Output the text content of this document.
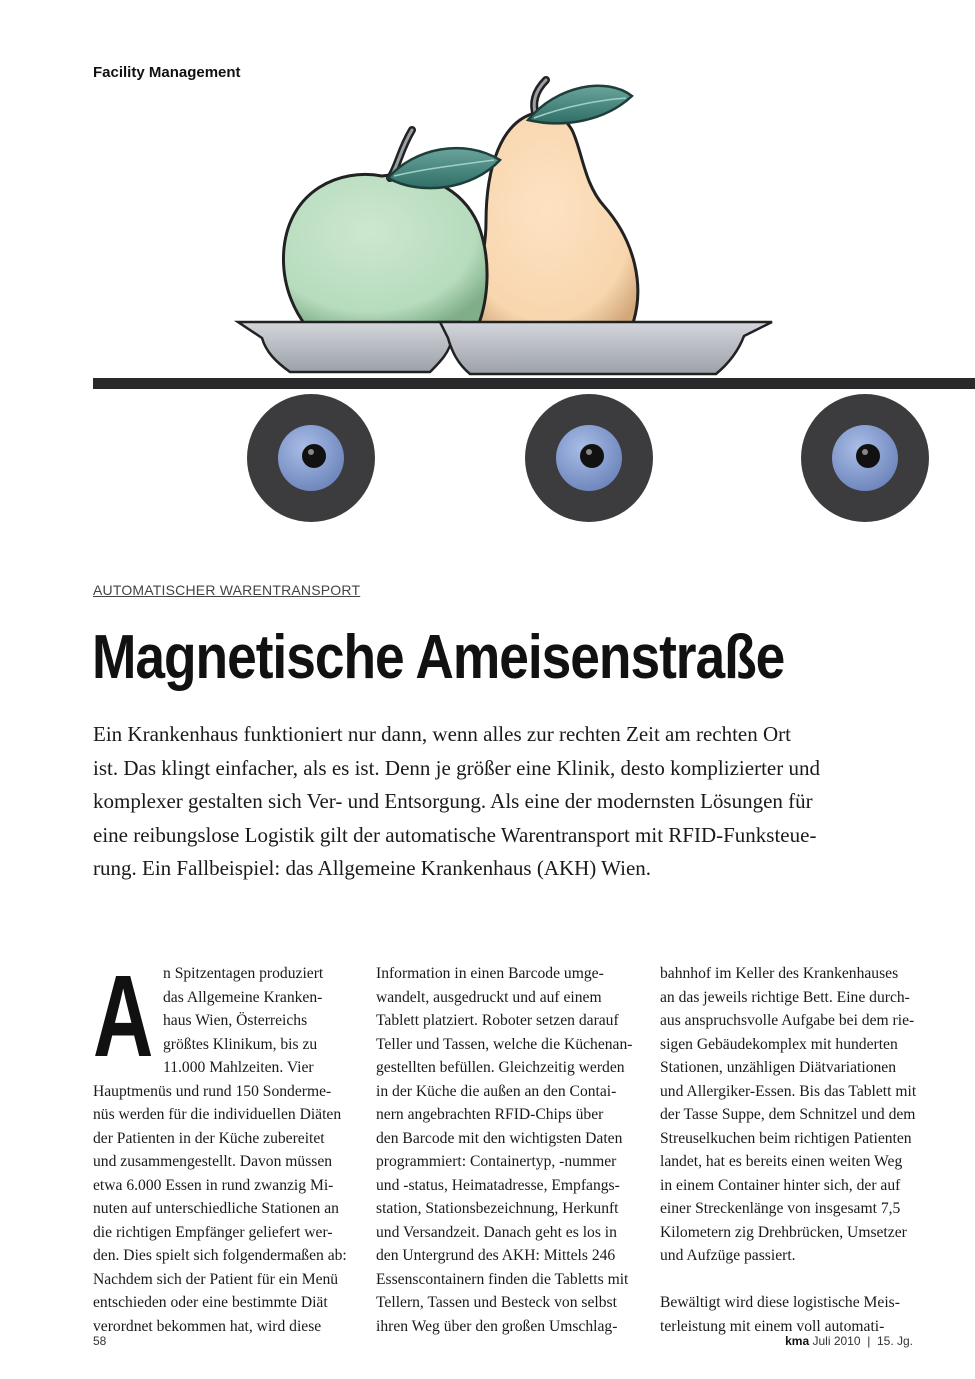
Facility Management
AUTOMATISCHER WARENTRANSPORT
Magnetische Ameisenstraße

Ein Krankenhaus funktioniert nur dann, wenn alles zur rechten Zeit am rechten Ort

ist. Das klingt einfacher, als es ist. Denn je größer eine Klinik, desto komplizierter und

komplexer gestalten sich Ver- und Entsorgung. Als eine der modernsten Lösungen für

eine reibungslose Logistik gilt der automatische Warentransport mit RFID-Funksteue-

rung. Ein Fallbeispiel: das Allgemeine Krankenhaus (AKH) Wien.

A n Spitzentagen produziert

das Allgemeine Kranken-

haus Wien, Österreichs

größtes Klinikum, bis zu

11.000 Mahlzeiten. Vier

Hauptmenüs und rund 150 Sonderme-

nüs werden für die individuellen Diäten

der Patienten in der Küche zubereitet

und zusammengestellt. Davon müssen

etwa 6.000 Essen in rund zwanzig Mi-

nuten auf unterschiedliche Stationen an

die richtigen Empfänger geliefert wer-

den. Dies spielt sich folgendermaßen ab:

Nachdem sich der Patient für ein Menü

entschieden oder eine bestimmte Diät

verordnet bekommen hat, wird diese

Information in einen Barcode umge-

wandelt, ausgedruckt und auf einem

Tablett platziert. Roboter setzen darauf

Teller und Tassen, welche die Küchenan-

gestellten befüllen. Gleichzeitig werden

in der Küche die außen an den Contai-

nern angebrachten RFID-Chips über

den Barcode mit den wichtigsten Daten

programmiert: Containertyp, -nummer

und -status, Heimatadresse, Empfangs-

station, Stationsbezeichnung, Herkunft

und Versandzeit. Danach geht es los in

den Untergrund des AKH: Mittels 246

Essenscontainern finden die Tabletts mit

Tellern, Tassen und Besteck von selbst

ihren Weg über den großen Umschlag-

bahnhof im Keller des Krankenhauses

an das jeweils richtige Bett. Eine durch-

aus anspruchsvolle Aufgabe bei dem rie-

sigen Gebäudekomplex mit hunderten

Stationen, unzähligen Diätvariationen

und Allergiker-Essen. Bis das Tablett mit

der Tasse Suppe, dem Schnitzel und dem

Streuselkuchen beim richtigen Patienten

landet, hat es bereits einen weiten Weg

in einem Container hinter sich, der auf

einer Streckenlänge von insgesamt 7,5

Kilometern zig Drehbrücken, Umsetzer

und Aufzüge passiert.

Bewältigt wird diese logistische Meis-

terleistung mit einem voll automati-

58	kma Juli 2010  |  15. Jg.
